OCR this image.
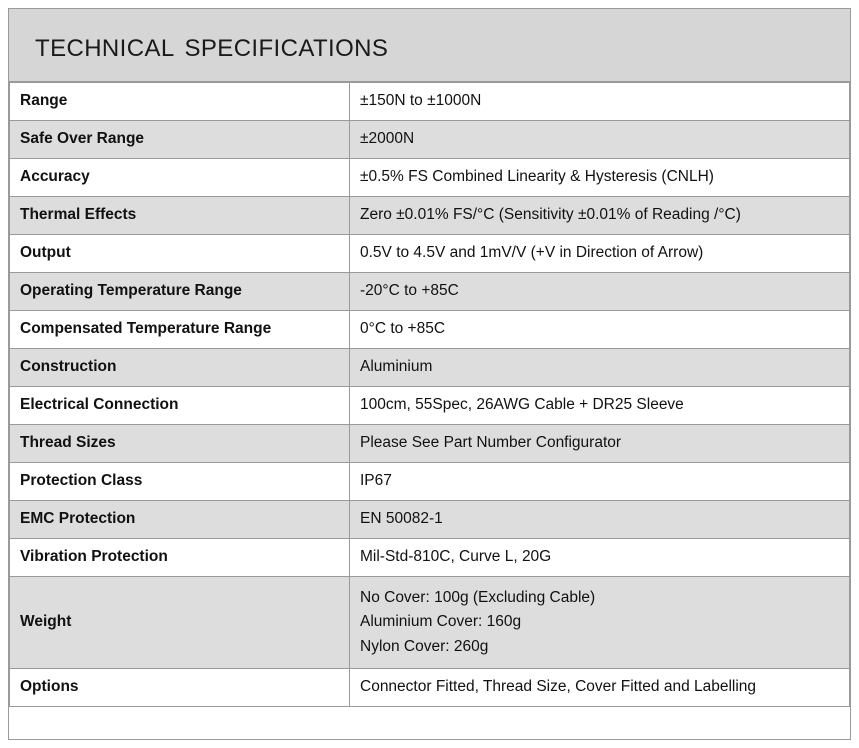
technical specifications
Range	±150N to ±1000N
Safe Over Range	±2000N
Accuracy	±0.5% FS Combined Linearity & Hysteresis (CNLH)
Thermal Effects	Zero ±0.01% FS/°C (Sensitivity ±0.01% of Reading /°C)
Output	0.5V to 4.5V and 1mV/V (+V in Direction of Arrow)
Operating Temperature Range	-20°C to +85C
Compensated Temperature Range	0°C to +85C
Construction	Aluminium
Electrical Connection	100cm, 55Spec, 26AWG Cable + DR25 Sleeve
Thread Sizes	Please See Part Number Configurator
Protection Class	IP67
EMC Protection	EN 50082-1
Vibration Protection	Mil-Std-810C, Curve L, 20G
Weight	No Cover: 100g (Excluding Cable)
Aluminium Cover: 160g
Nylon Cover: 260g

Options	Connector Fitted, Thread Size, Cover Fitted and Labelling
